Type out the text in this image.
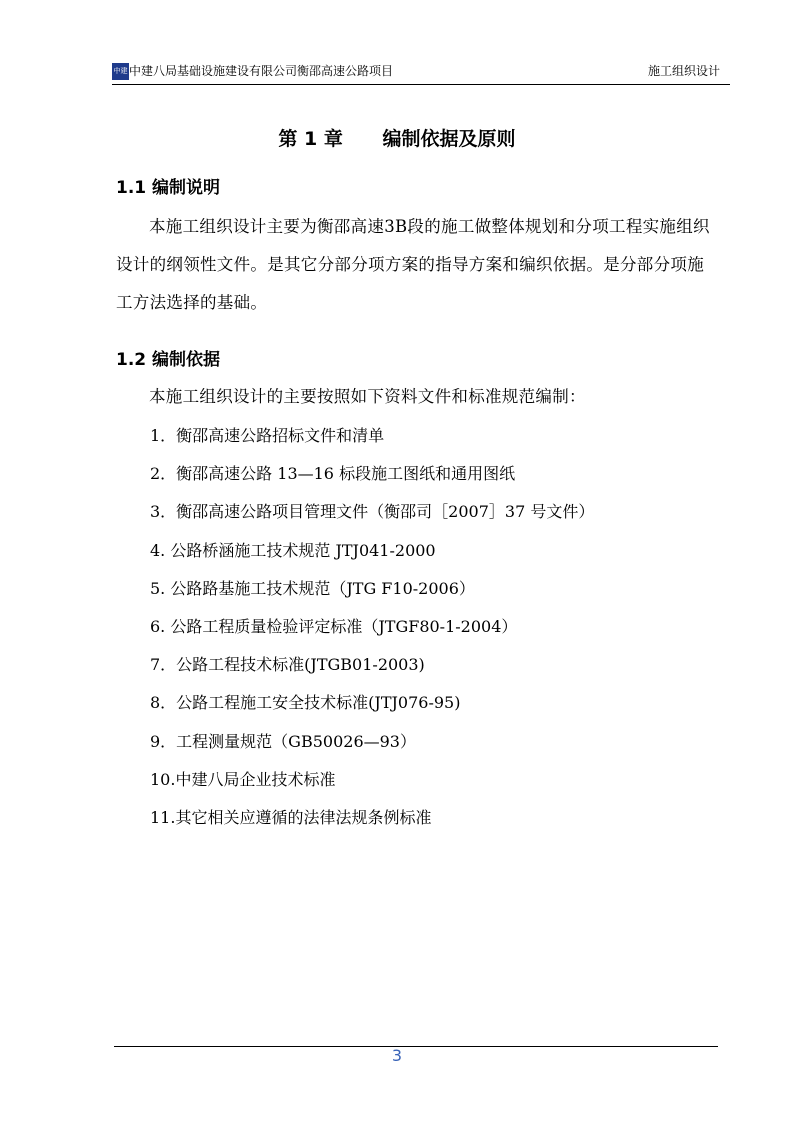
中建 中建八局基础设施建设有限公司衡邵高速公路项目	施工组织设计
第 1 章      编制依据及原则
1.1 编制说明
本施工组织设计主要为衡邵高速3B段的施工做整体规划和分项工程实施组织设计的纲领性文件。是其它分部分项方案的指导方案和编织依据。是分部分项施工方法选择的基础。
1.2 编制依据
本施工组织设计的主要按照如下资料文件和标准规范编制：
1．衡邵高速公路招标文件和清单
2．衡邵高速公路 13—16 标段施工图纸和通用图纸
3．衡邵高速公路项目管理文件（衡邵司［2007］37 号文件）
4. 公路桥涵施工技术规范 JTJ041-2000
5. 公路路基施工技术规范（JTG F10-2006）
6. 公路工程质量检验评定标准（JTGF80-1-2004）
7．公路工程技术标准(JTGB01-2003)
8．公路工程施工安全技术标准(JTJ076-95)
9．工程测量规范（GB50026—93）
10.中建八局企业技术标准
11.其它相关应遵循的法律法规条例标准
3
